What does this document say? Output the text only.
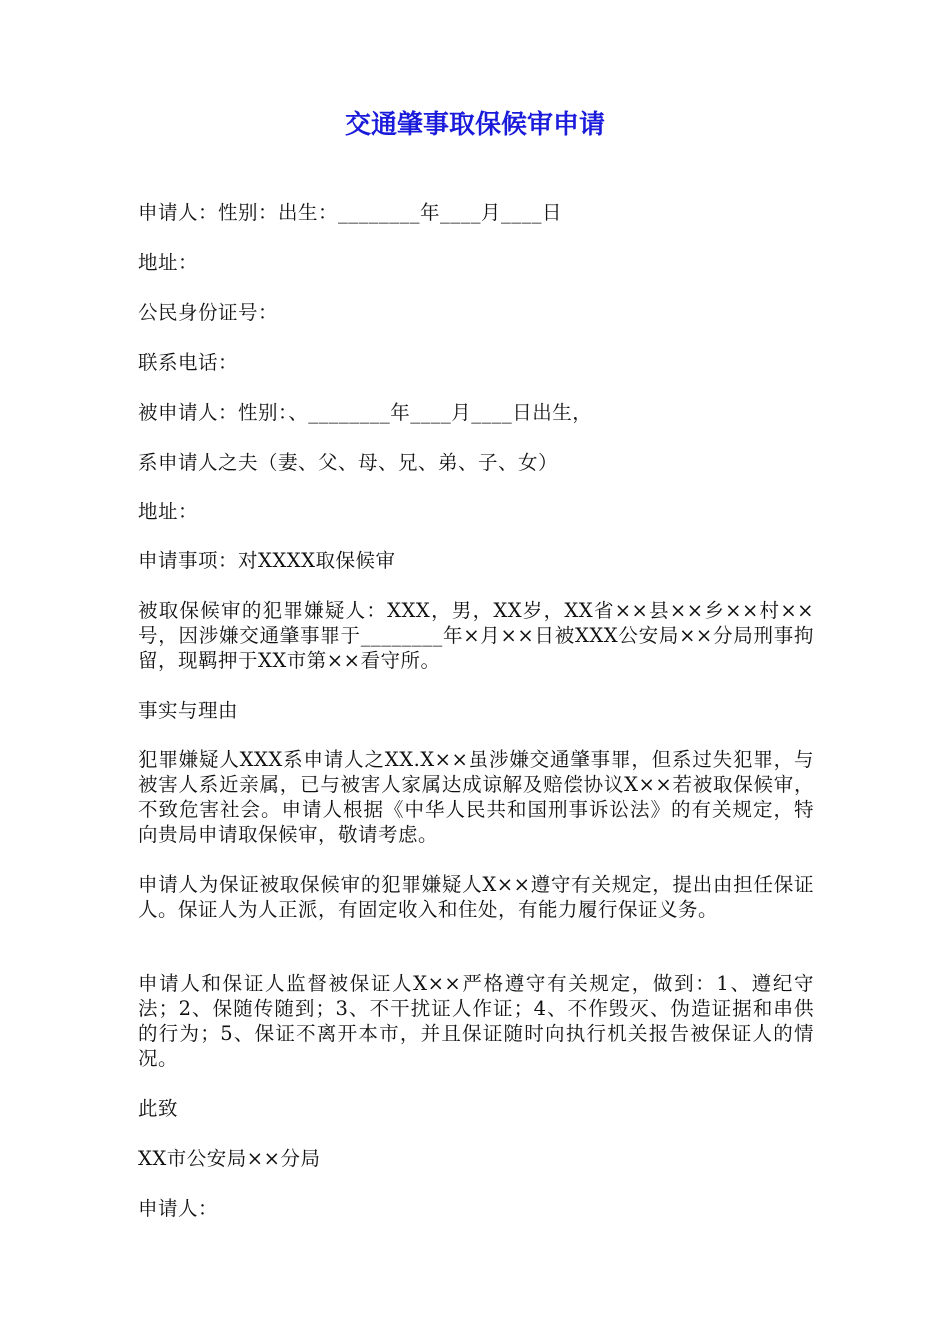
交通肇事取保候审申请

申请人：性别：出生：________年____月____日

地址：

公民身份证号：

联系电话：

被申请人：性别：、________年____月____日出生，

系申请人之夫（妻、父、母、兄、弟、子、女）

地址：

申请事项：对XXXX取保候审

被取保候审的犯罪嫌疑人：XXX，男，XX岁，XX省××县××乡××村××号，因涉嫌交通肇事罪于________年×月××日被XXX公安局××分局刑事拘留，现羁押于XX市第××看守所。

事实与理由

犯罪嫌疑人XXX系申请人之XX.X××虽涉嫌交通肇事罪，但系过失犯罪，与被害人系近亲属，已与被害人家属达成谅解及赔偿协议X××若被取保候审，不致危害社会。申请人根据《中华人民共和国刑事诉讼法》的有关规定，特向贵局申请取保候审，敬请考虑。

申请人为保证被取保候审的犯罪嫌疑人X××遵守有关规定，提出由担任保证人。保证人为人正派，有固定收入和住处，有能力履行保证义务。

申请人和保证人监督被保证人X××严格遵守有关规定，做到：1、遵纪守法；2、保随传随到；3、不干扰证人作证；4、不作毁灭、伪造证据和串供的行为；5、保证不离开本市，并且保证随时向执行机关报告被保证人的情况。

此致

XX市公安局××分局

申请人：
